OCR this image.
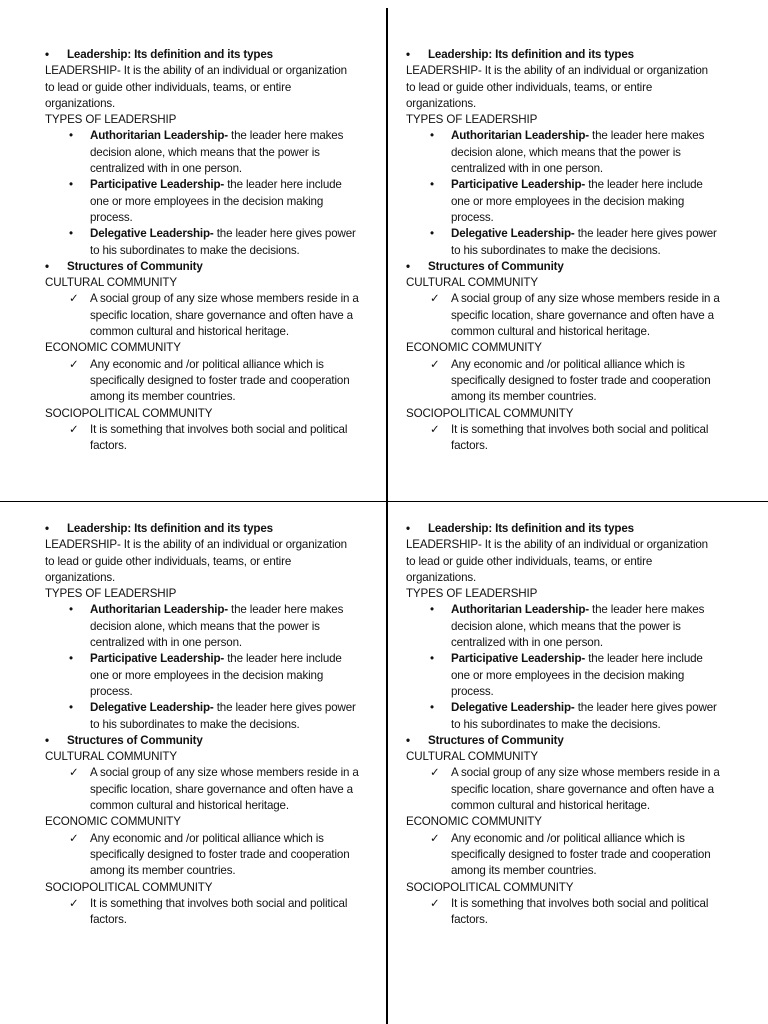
• Leadership: Its definition and its types
LEADERSHIP- It is the ability of an individual or organization
to lead or guide other individuals, teams, or entire
organizations.
TYPES OF LEADERSHIP
• Authoritarian Leadership- the leader here makes
decision alone, which means that the power is
centralized with in one person.
• Participative Leadership- the leader here include
one or more employees in the decision making
process.
• Delegative Leadership- the leader here gives power
to his subordinates to make the decisions.
• Structures of Community
CULTURAL COMMUNITY
✓ A social group of any size whose members reside in a
specific location, share governance and often have a
common cultural and historical heritage.
ECONOMIC COMMUNITY
✓ Any economic and /or political alliance which is
specifically designed to foster trade and cooperation
among its member countries.
SOCIOPOLITICAL COMMUNITY
✓ It is something that involves both social and political
factors.
• Leadership: Its definition and its types
LEADERSHIP- It is the ability of an individual or organization
to lead or guide other individuals, teams, or entire
organizations.
TYPES OF LEADERSHIP
• Authoritarian Leadership- the leader here makes
decision alone, which means that the power is
centralized with in one person.
• Participative Leadership- the leader here include
one or more employees in the decision making
process.
• Delegative Leadership- the leader here gives power
to his subordinates to make the decisions.
• Structures of Community
CULTURAL COMMUNITY
✓ A social group of any size whose members reside in a
specific location, share governance and often have a
common cultural and historical heritage.
ECONOMIC COMMUNITY
✓ Any economic and /or political alliance which is
specifically designed to foster trade and cooperation
among its member countries.
SOCIOPOLITICAL COMMUNITY
✓ It is something that involves both social and political
factors.
• Leadership: Its definition and its types
LEADERSHIP- It is the ability of an individual or organization
to lead or guide other individuals, teams, or entire
organizations.
TYPES OF LEADERSHIP
• Authoritarian Leadership- the leader here makes
decision alone, which means that the power is
centralized with in one person.
• Participative Leadership- the leader here include
one or more employees in the decision making
process.
• Delegative Leadership- the leader here gives power
to his subordinates to make the decisions.
• Structures of Community
CULTURAL COMMUNITY
✓ A social group of any size whose members reside in a
specific location, share governance and often have a
common cultural and historical heritage.
ECONOMIC COMMUNITY
✓ Any economic and /or political alliance which is
specifically designed to foster trade and cooperation
among its member countries.
SOCIOPOLITICAL COMMUNITY
✓ It is something that involves both social and political
factors.
• Leadership: Its definition and its types
LEADERSHIP- It is the ability of an individual or organization
to lead or guide other individuals, teams, or entire
organizations.
TYPES OF LEADERSHIP
• Authoritarian Leadership- the leader here makes
decision alone, which means that the power is
centralized with in one person.
• Participative Leadership- the leader here include
one or more employees in the decision making
process.
• Delegative Leadership- the leader here gives power
to his subordinates to make the decisions.
• Structures of Community
CULTURAL COMMUNITY
✓ A social group of any size whose members reside in a
specific location, share governance and often have a
common cultural and historical heritage.
ECONOMIC COMMUNITY
✓ Any economic and /or political alliance which is
specifically designed to foster trade and cooperation
among its member countries.
SOCIOPOLITICAL COMMUNITY
✓ It is something that involves both social and political
factors.
